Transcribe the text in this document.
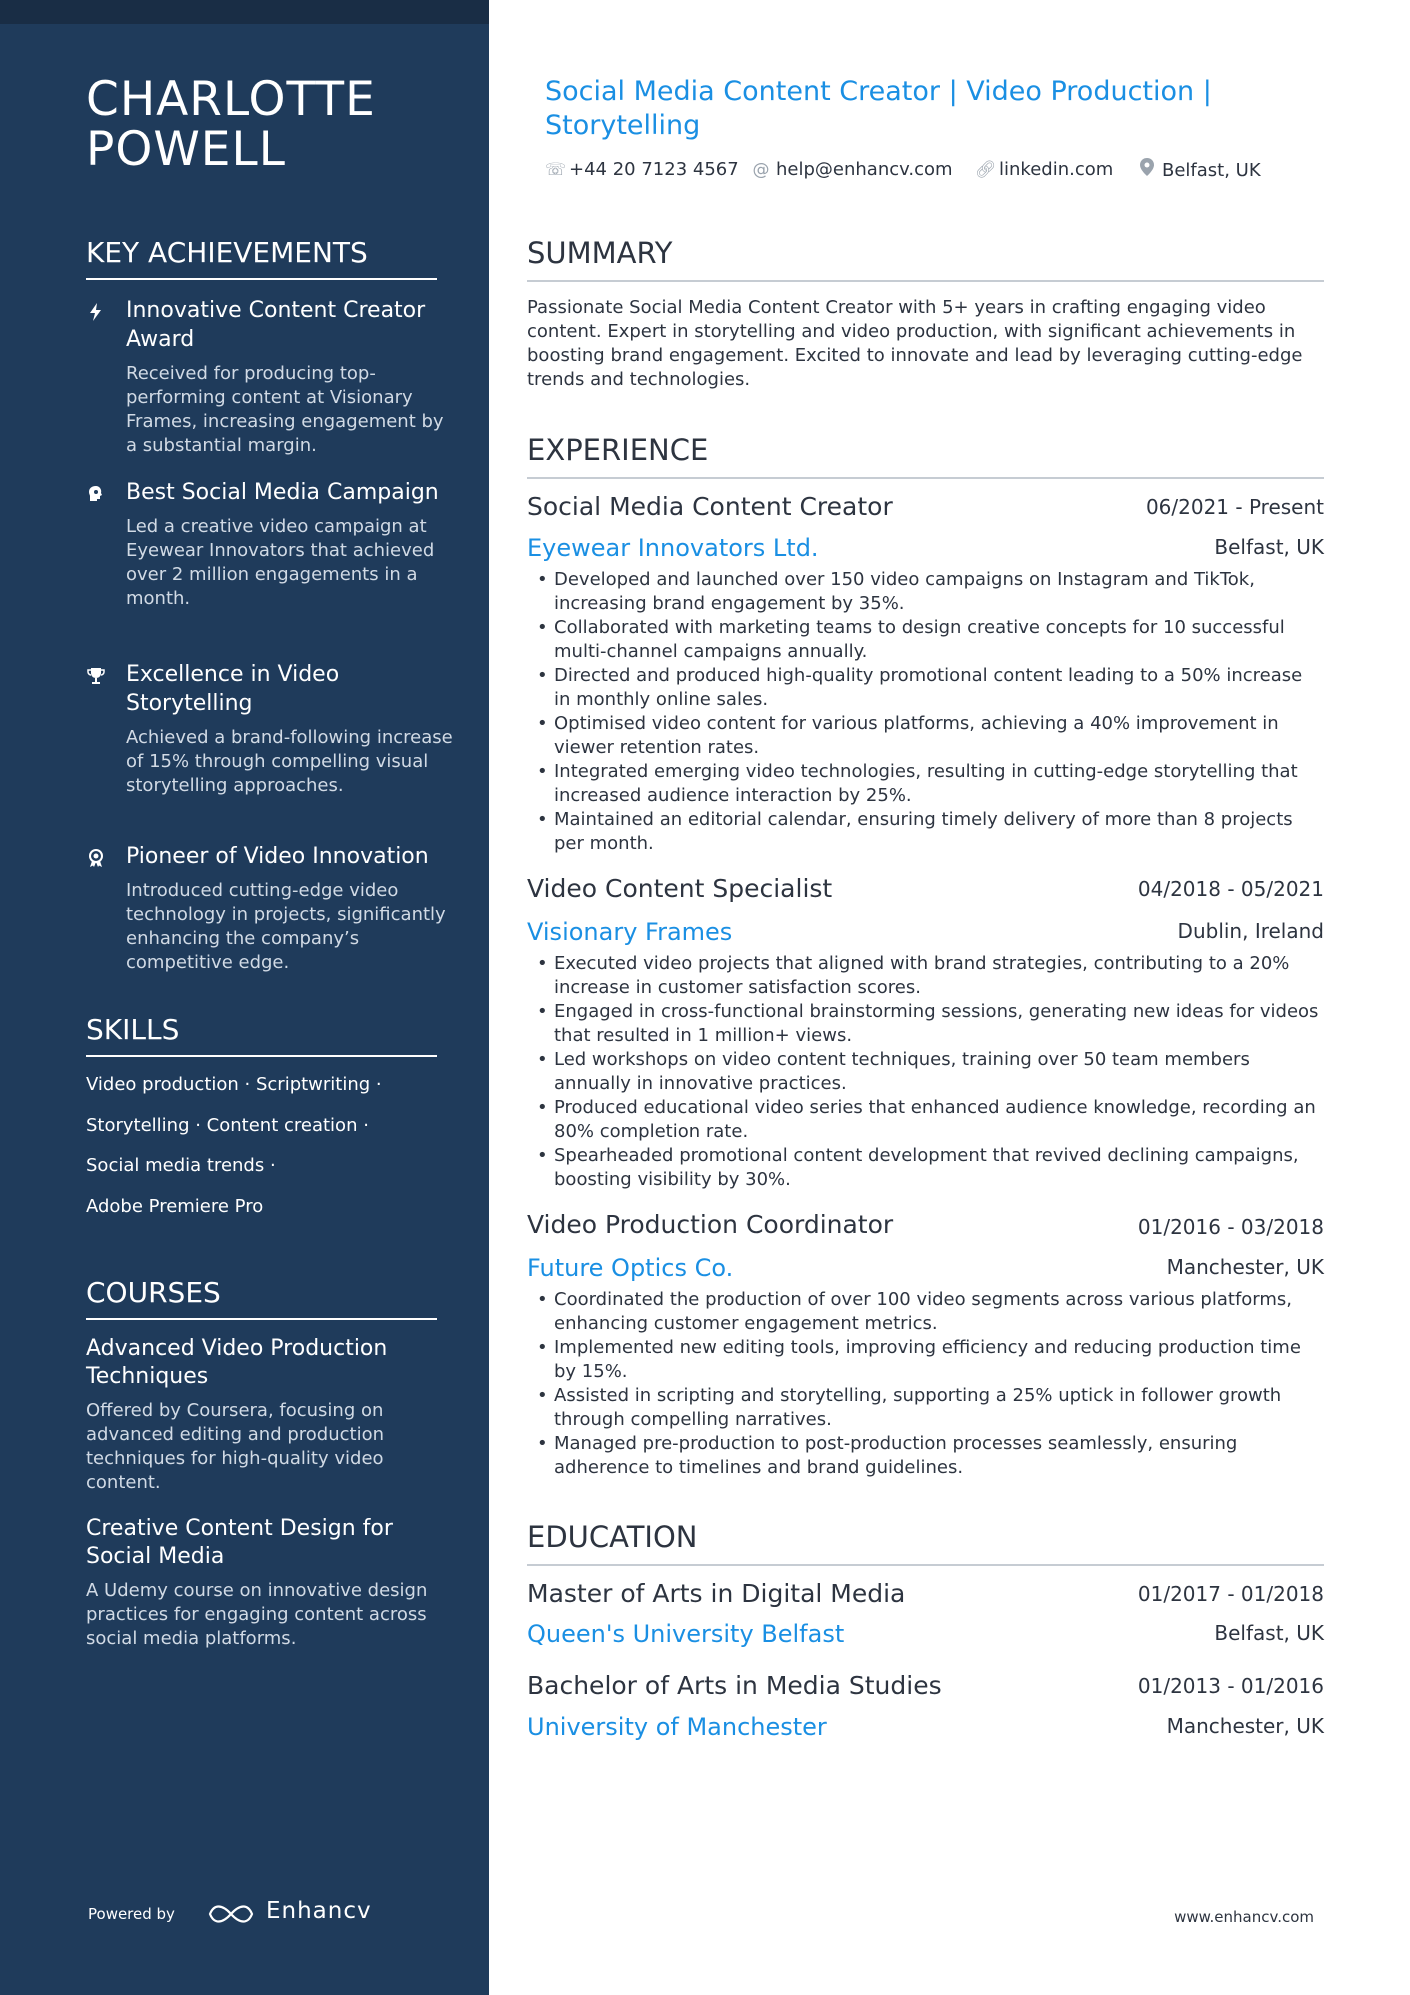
CHARLOTTE
POWELL
KEY ACHIEVEMENTS
Innovative Content Creator Award
Received for producing top-performing content at Visionary Frames, increasing engagement by a substantial margin.
Best Social Media Campaign
Led a creative video campaign at Eyewear Innovators that achieved over 2 million engagements in a month.
Excellence in Video Storytelling
Achieved a brand-following increase of 15% through compelling visual storytelling approaches.
Pioneer of Video Innovation
Introduced cutting-edge video technology in projects, significantly enhancing the company’s competitive edge.
SKILLS
Video production · Scriptwriting ·
Storytelling · Content creation ·
Social media trends ·
Adobe Premiere Pro
COURSES
Advanced Video Production Techniques
Offered by Coursera, focusing on advanced editing and production techniques for high-quality video content.
Creative Content Design for Social Media
A Udemy course on innovative design practices for engaging content across social media platforms.
Powered by	Enhancv
Social Media Content Creator | Video Production | Storytelling
☏ +44 20 7123 4567 @ help@enhancv.com 🔗︎ linkedin.com	Belfast, UK
SUMMARY
Passionate Social Media Content Creator with 5+ years in crafting engaging video content. Expert in storytelling and video production, with significant achievements in boosting brand engagement. Excited to innovate and lead by leveraging cutting-edge trends and technologies.
EXPERIENCE
Social Media Content Creator	06/2021 - Present
Eyewear Innovators Ltd.	Belfast, UK
• Developed and launched over 150 video campaigns on Instagram and TikTok, increasing brand engagement by 35%.
• Collaborated with marketing teams to design creative concepts for 10 successful multi-channel campaigns annually.
• Directed and produced high-quality promotional content leading to a 50% increase in monthly online sales.
• Optimised video content for various platforms, achieving a 40% improvement in viewer retention rates.
• Integrated emerging video technologies, resulting in cutting-edge storytelling that increased audience interaction by 25%.
• Maintained an editorial calendar, ensuring timely delivery of more than 8 projects per month.
Video Content Specialist	04/2018 - 05/2021
Visionary Frames	Dublin, Ireland
• Executed video projects that aligned with brand strategies, contributing to a 20% increase in customer satisfaction scores.
• Engaged in cross-functional brainstorming sessions, generating new ideas for videos that resulted in 1 million+ views.
• Led workshops on video content techniques, training over 50 team members annually in innovative practices.
• Produced educational video series that enhanced audience knowledge, recording an 80% completion rate.
• Spearheaded promotional content development that revived declining campaigns, boosting visibility by 30%.
Video Production Coordinator	01/2016 - 03/2018
Future Optics Co.	Manchester, UK
• Coordinated the production of over 100 video segments across various platforms, enhancing customer engagement metrics.
• Implemented new editing tools, improving efficiency and reducing production time by 15%.
• Assisted in scripting and storytelling, supporting a 25% uptick in follower growth through compelling narratives.
• Managed pre-production to post-production processes seamlessly, ensuring adherence to timelines and brand guidelines.
EDUCATION
Master of Arts in Digital Media	01/2017 - 01/2018
Queen's University Belfast	Belfast, UK
Bachelor of Arts in Media Studies	01/2013 - 01/2016
University of Manchester	Manchester, UK
www.enhancv.com
